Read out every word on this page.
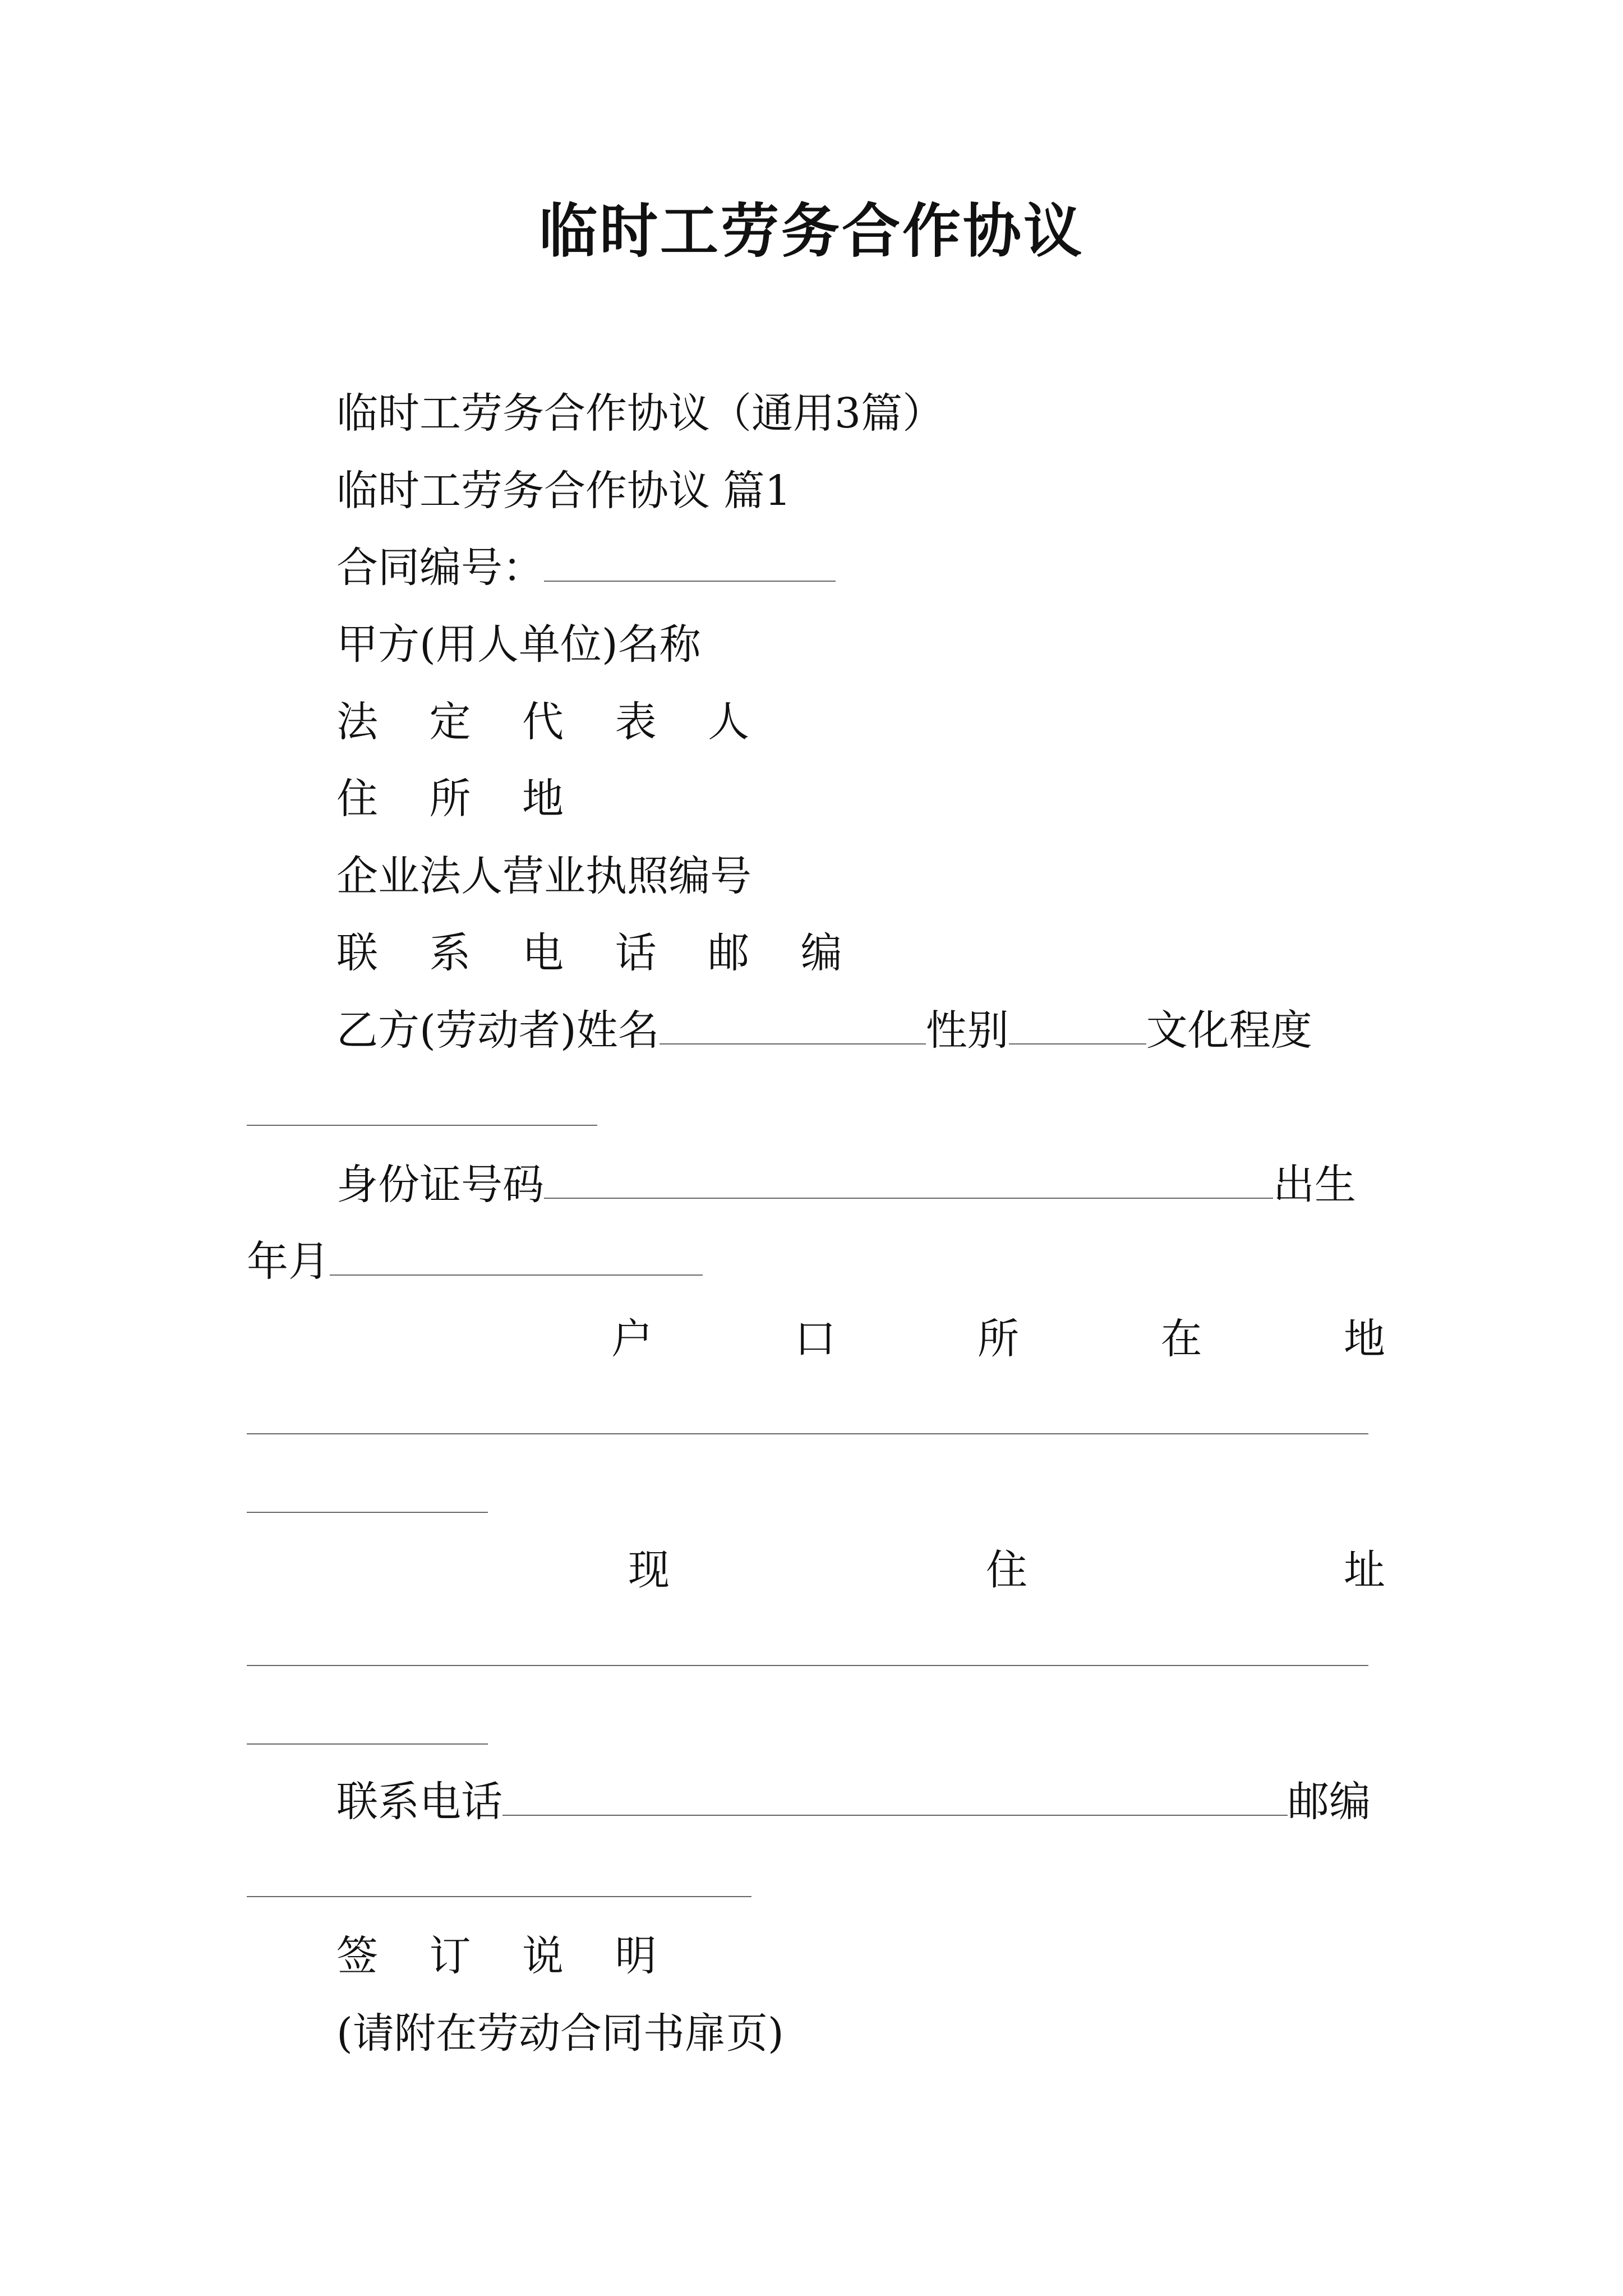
临时工劳务合作协议
临时工劳务合作协议（通用3篇）
临时工劳务合作协议 篇1
合同编号：
甲方(用人单位)名称
法 定 代 表 人
住 所 地
企业法人营业执照编号
联 系 电 话 邮 编
乙方(劳动者)姓名	性别	文化程度
身份证号码	出生
年月
户	口	所	在	地
现	住	址
联系电话	邮编
签 订 说 明
(请附在劳动合同书扉页)
